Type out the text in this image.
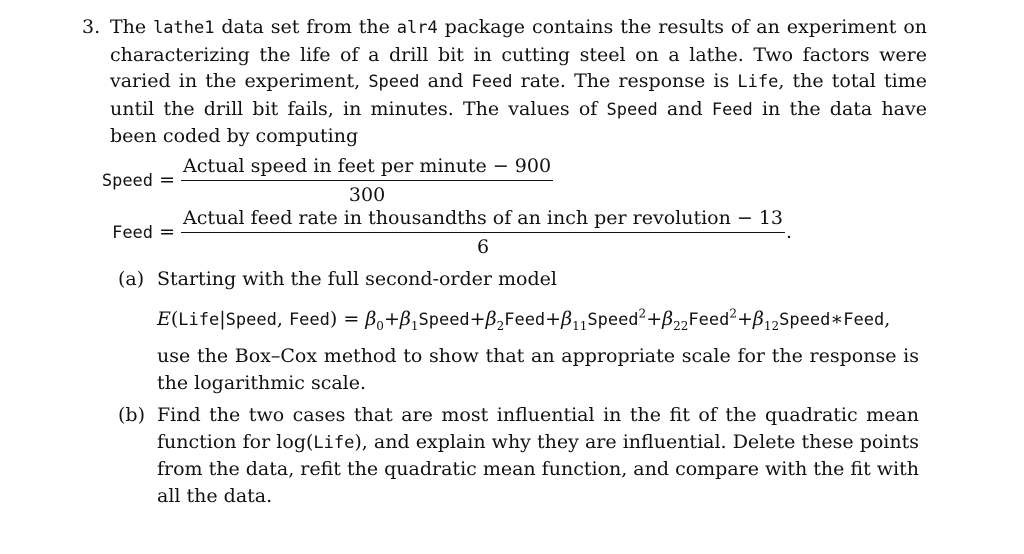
3. The lathe1 data set from the alr4 package contains the results of an experiment on characterizing the life of a drill bit in cutting steel on a lathe. Two factors were varied in the experiment, Speed and Feed rate. The response is Life, the total time until the drill bit fails, in minutes. The values of Speed and Feed in the data have been coded by computing
Speed = $\frac{\text{Actual speed in feet per minute − 900}}{300}$
Feed =
Actual feed rate in thousandths of an inch per revolution − 13
6
.
(a) Starting with the full second-order model
E(Life|Speed, Feed) = $\beta_0+\beta_1Speed+\beta_2Feed+\beta_{11}Speed^2+\beta_{22}Feed^2+\beta_{12}Speed∗Feed$,
use the Box–Cox method to show that an appropriate scale for the response is the logarithmic scale.
(b) Find the two cases that are most influential in the fit of the quadratic mean function for log(Life), and explain why they are influential. Delete these points from the data, refit the quadratic mean function, and compare with the fit with all the data.
